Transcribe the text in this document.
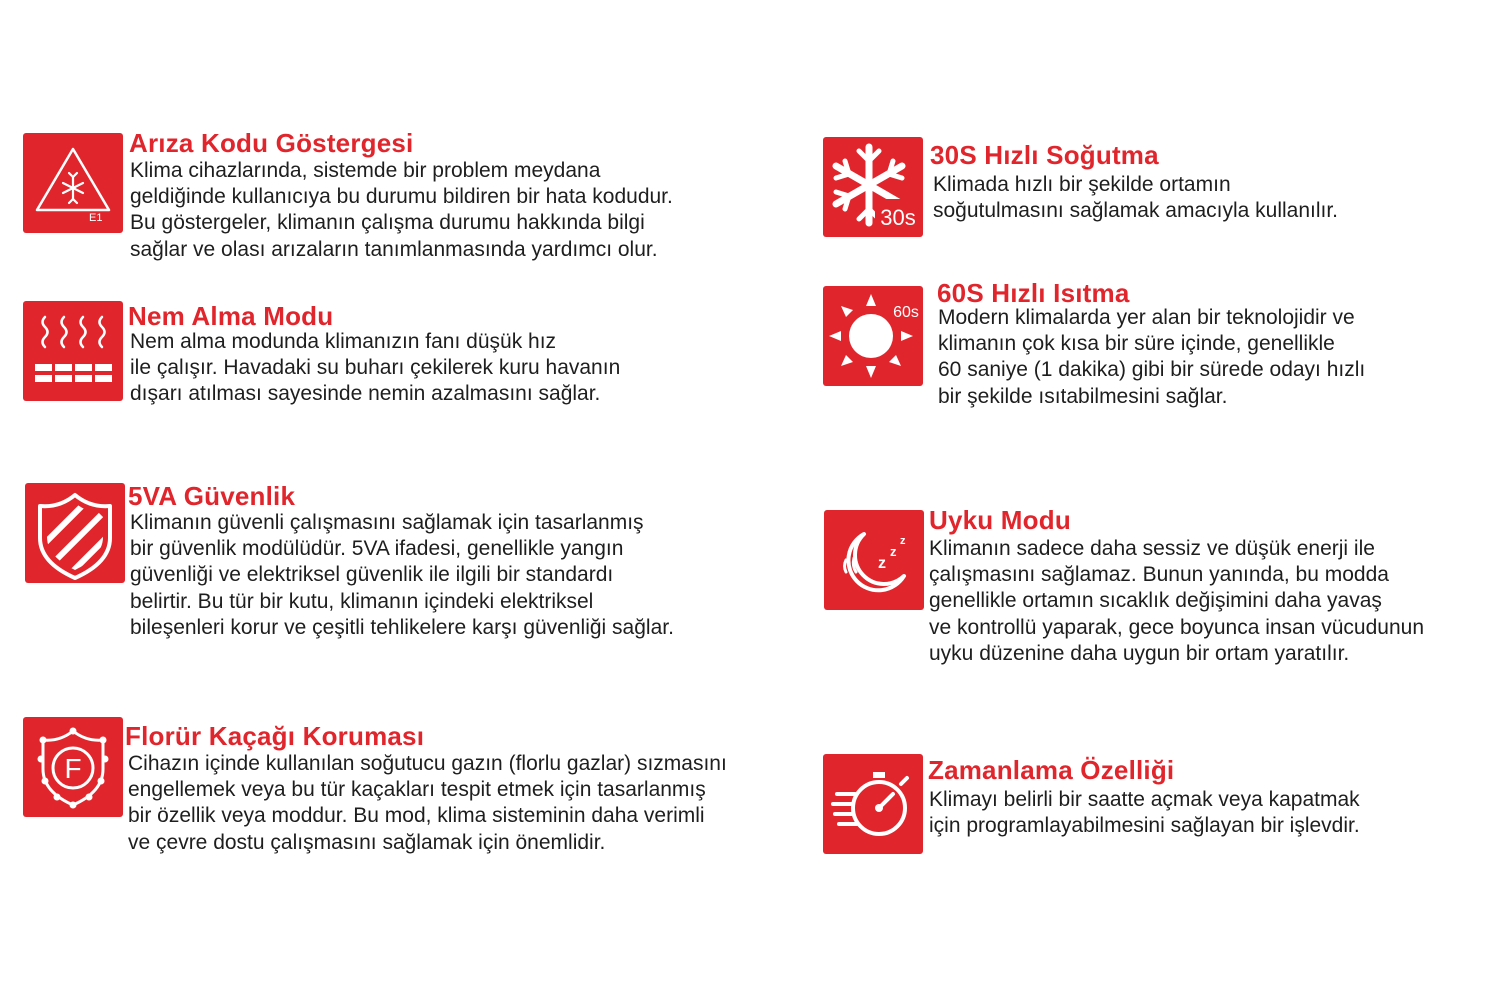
E1
Arıza Kodu Göstergesi

Klima cihazlarında, sistemde bir problem meydana
geldiğinde kullanıcıya bu durumu bildiren bir hata kodudur.
Bu göstergeler, klimanın çalışma durumu hakkında bilgi
sağlar ve olası arızaların tanımlanmasında yardımcı olur.

Nem Alma Modu

Nem alma modunda klimanızın fanı düşük hız
ile çalışır. Havadaki su buharı çekilerek kuru havanın
dışarı atılması sayesinde nemin azalmasını sağlar.

5VA Güvenlik

Klimanın güvenli çalışmasını sağlamak için tasarlanmış
bir güvenlik modülüdür. 5VA ifadesi, genellikle yangın
güvenliği ve elektriksel güvenlik ile ilgili bir standardı
belirtir. Bu tür bir kutu, klimanın içindeki elektriksel
bileşenleri korur ve çeşitli tehlikelere karşı güvenliği sağlar.

F
Florür Kaçağı Koruması

Cihazın içinde kullanılan soğutucu gazın (florlu gazlar) sızmasını
engellemek veya bu tür kaçakları tespit etmek için tasarlanmış
bir özellik veya moddur. Bu mod, klima sisteminin daha verimli
ve çevre dostu çalışmasını sağlamak için önemlidir.

30s
30S Hızlı Soğutma

Klimada hızlı bir şekilde ortamın
soğutulmasını sağlamak amacıyla kullanılır.

60s
60S Hızlı Isıtma

Modern klimalarda yer alan bir teknolojidir ve
klimanın çok kısa bir süre içinde, genellikle
60 saniye (1 dakika) gibi bir sürede odayı hızlı
bir şekilde ısıtabilmesini sağlar.

z
z
z
Uyku Modu

Klimanın sadece daha sessiz ve düşük enerji ile
çalışmasını sağlamaz. Bunun yanında, bu modda
genellikle ortamın sıcaklık değişimini daha yavaş
ve kontrollü yaparak, gece boyunca insan vücudunun
uyku düzenine daha uygun bir ortam yaratılır.

Zamanlama Özelliği

Klimayı belirli bir saatte açmak veya kapatmak
için programlayabilmesini sağlayan bir işlevdir.
